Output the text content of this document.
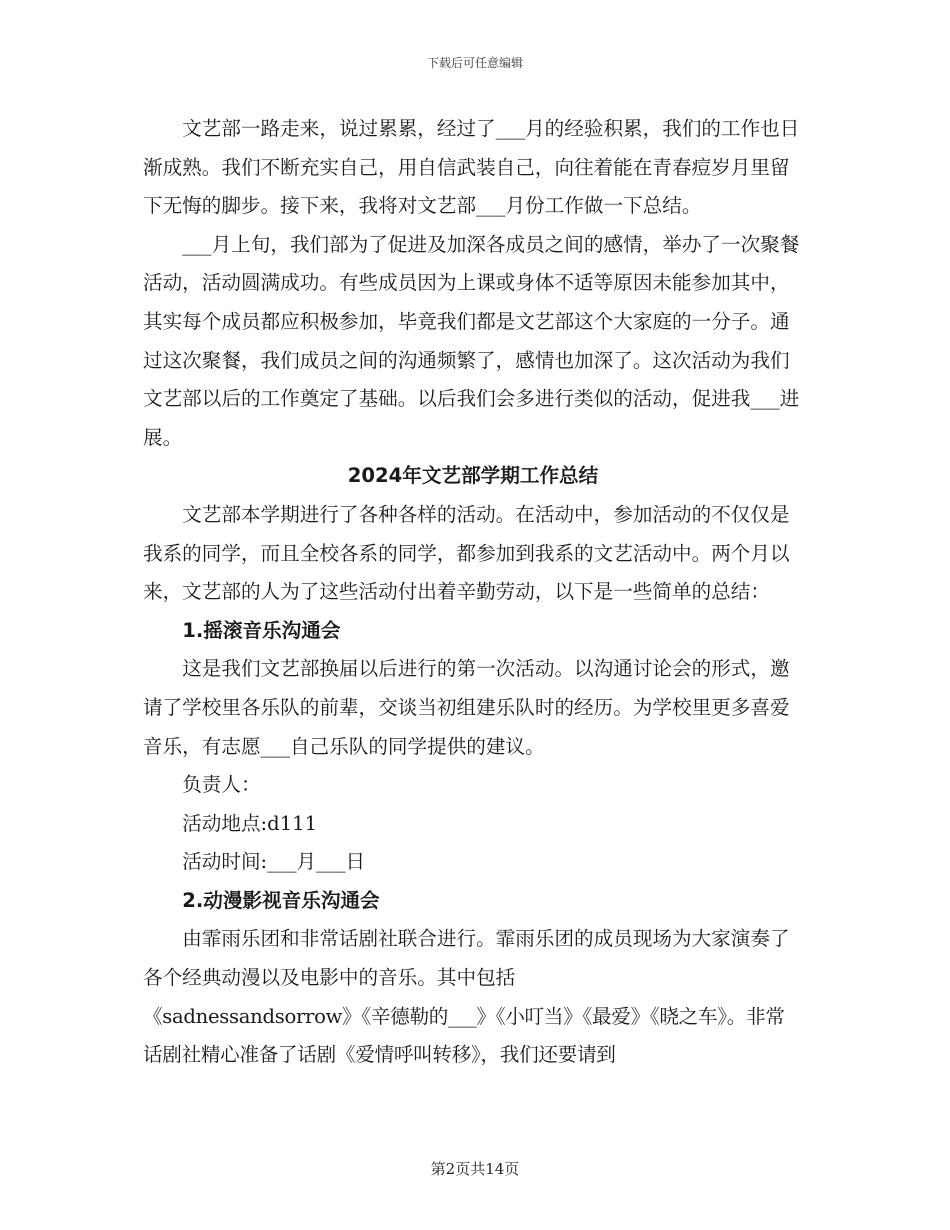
下载后可任意编辑

文艺部一路走来，说过累累，经过了___月的经验积累，我们的工作也日渐成熟。我们不断充实自己，用自信武装自己，向往着能在青春痘岁月里留下无悔的脚步。接下来，我将对文艺部___月份工作做一下总结。

___月上旬，我们部为了促进及加深各成员之间的感情，举办了一次聚餐活动，活动圆满成功。有些成员因为上课或身体不适等原因未能参加其中，其实每个成员都应积极参加，毕竟我们都是文艺部这个大家庭的一分子。通过这次聚餐，我们成员之间的沟通频繁了，感情也加深了。这次活动为我们文艺部以后的工作奠定了基础。以后我们会多进行类似的活动，促进我___进展。

2024年文艺部学期工作总结

文艺部本学期进行了各种各样的活动。在活动中，参加活动的不仅仅是我系的同学，而且全校各系的同学，都参加到我系的文艺活动中。两个月以来，文艺部的人为了这些活动付出着辛勤劳动，以下是一些简单的总结：

1.摇滚音乐沟通会

这是我们文艺部换届以后进行的第一次活动。以沟通讨论会的形式，邀请了学校里各乐队的前辈，交谈当初组建乐队时的经历。为学校里更多喜爱音乐，有志愿___自己乐队的同学提供的建议。

负责人：

活动地点:d111

活动时间:___月___日

2.动漫影视音乐沟通会

由霏雨乐团和非常话剧社联合进行。霏雨乐团的成员现场为大家演奏了各个经典动漫以及电影中的音乐。其中包括

《sadnessandsorrow》《辛德勒的___》《小叮当》《最爱》《晓之车》。非常话剧社精心准备了话剧《爱情呼叫转移》，我们还要请到

第2页共14页
